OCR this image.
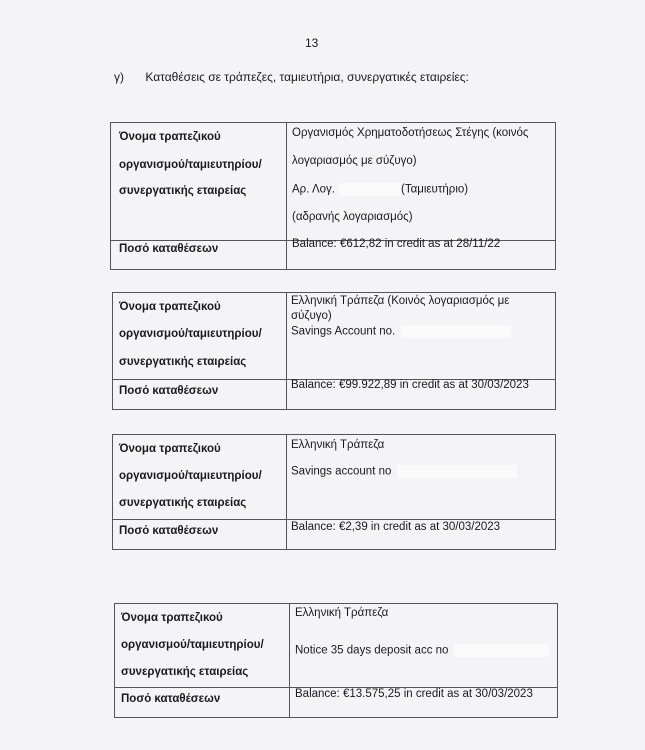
13
γ) Καταθέσεις σε τράπεζες, ταμιευτήρια, συνεργατικές εταιρείες:
Όνομα τραπεζικού
οργανισμού/ταμιευτηρίου/
συνεργατικής εταιρείας
Ποσό καταθέσεων
Οργανισμός Χρηματοδοτήσεως Στέγης (κοινός
λογαριασμός με σύζυγο)
Αρ. Λογ.	(Ταμιευτήριο)
(αδρανής λογαριασμός)
Balance: €612,82 in credit as at 28/11/22
Όνομα τραπεζικού
οργανισμού/ταμιευτηρίου/
συνεργατικής εταιρείας
Ποσό καταθέσεων
Ελληνική Τράπεζα (Κοινός λογαριασμός με
σύζυγο)
Savings Account no.
Balance: €99.922,89 in credit as at 30/03/2023
Όνομα τραπεζικού
οργανισμού/ταμιευτηρίου/
συνεργατικής εταιρείας
Ποσό καταθέσεων
Ελληνική Τράπεζα
Savings account no
Balance: €2,39 in credit as at 30/03/2023
Όνομα τραπεζικού
οργανισμού/ταμιευτηρίου/
συνεργατικής εταιρείας
Ποσό καταθέσεων
Ελληνική Τράπεζα
Notice 35 days deposit acc no
Balance: €13.575,25 in credit as at 30/03/2023
